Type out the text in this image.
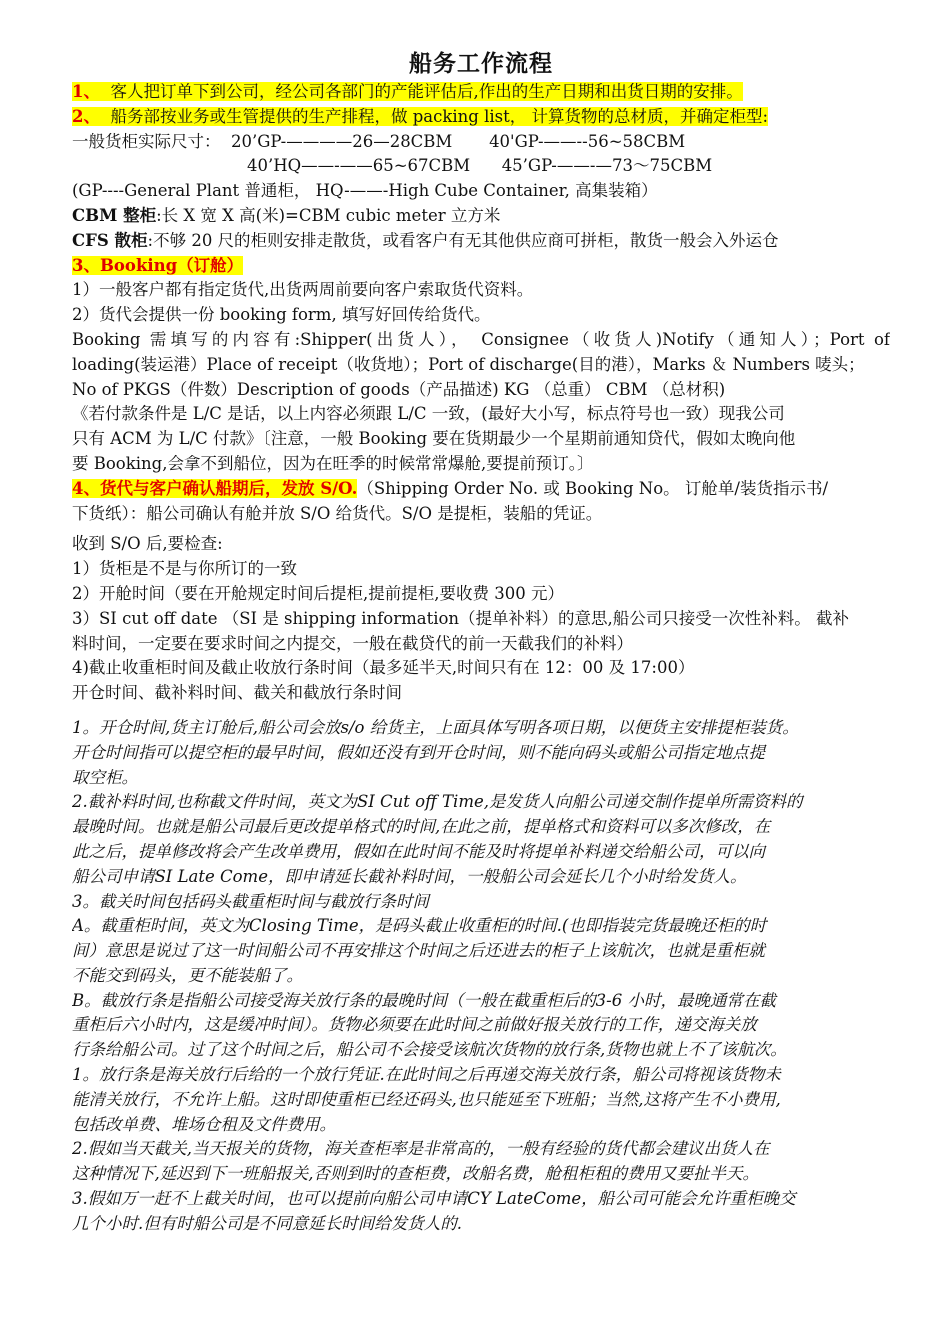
船务工作流程
1、 客人把订单下到公司，经公司各部门的产能评估后,作出的生产日期和出货日期的安排。
2、 船务部按业务或生管提供的生产排程，做 packing list， 计算货物的总材质，并确定柜型:
一般货柜实际尺寸： 20’GP-————26—28CBM 40'GP-——--56~58CBM
40’HQ——-——65~67CBM 45’GP-——-—73～75CBM
(GP----General Plant 普通柜， HQ-——-High Cube Container, 高集装箱）
CBM 整柜:长 X 宽 X 高(米)=CBM cubic meter 立方米
CFS 散柜:不够 20 尺的柜则安排走散货，或看客户有无其他供应商可拼柜，散货一般会入外运仓
3、Booking（订舱）
1）一般客户都有指定货代,出货两周前要向客户索取货代资料。
2）货代会提供一份 booking form, 填写好回传给货代。
Booking 需填写的内容有:Shipper(出货人）， Consignee（收货人)Notify（通知人）；Port of
loading(装运港）Place of receipt（收货地）；Port of discharge(目的港），Marks ＆ Numbers 唛头；
No of PKGS（件数）Description of goods（产品描述) KG （总重） CBM （总材积)
《若付款条件是 L/C 是话，以上内容必须跟 L/C 一致，(最好大小写，标点符号也一致）现我公司
只有 ACM 为 L/C 付款》〔注意，一般 Booking 要在货期最少一个星期前通知贷代，假如太晚向他
要 Booking,会拿不到船位，因为在旺季的时候常常爆舱,要提前预订。〕
4、货代与客户确认船期后，发放 S/O.（Shipping Order No. 或 Booking No。 订舱单/装货指示书/
下货纸）：船公司确认有舱并放 S/O 给货代。S/O 是提柜，装船的凭证。
收到 S/O 后,要检查:
1）货柜是不是与你所订的一致
2）开舱时间（要在开舱规定时间后提柜,提前提柜,要收费 300 元）
3）SI cut off date （SI 是 shipping information（提单补料）的意思,船公司只接受一次性补料。 截补
料时间，一定要在要求时间之内提交，一般在截贷代的前一天截我们的补料）
4)截止收重柜时间及截止收放行条时间（最多延半天,时间只有在 12：00 及 17:00）
开仓时间、截补料时间、截关和截放行条时间
1。开仓时间,货主订舱后,船公司会放s/o 给货主，上面具体写明各项日期，以便货主安排提柜装货。
开仓时间指可以提空柜的最早时间，假如还没有到开仓时间，则不能向码头或船公司指定地点提
取空柜。
2.截补料时间,也称截文件时间，英文为SI Cut off Time,是发货人向船公司递交制作提单所需资料的
最晚时间。也就是船公司最后更改提单格式的时间,在此之前，提单格式和资料可以多次修改，在
此之后，提单修改将会产生改单费用，假如在此时间不能及时将提单补料递交给船公司，可以向
船公司申请SI Late Come，即申请延长截补料时间，一般船公司会延长几个小时给发货人。
3。截关时间包括码头截重柜时间与截放行条时间
A。截重柜时间，英文为Closing Time，是码头截止收重柜的时间.(也即指装完货最晚还柜的时
间）意思是说过了这一时间船公司不再安排这个时间之后还进去的柜子上该航次，也就是重柜就
不能交到码头，更不能装船了。
B。截放行条是指船公司接受海关放行条的最晚时间（一般在截重柜后的3-6 小时，最晚通常在截
重柜后六小时内，这是缓冲时间）。货物必须要在此时间之前做好报关放行的工作，递交海关放
行条给船公司。过了这个时间之后，船公司不会接受该航次货物的放行条,货物也就上不了该航次。
1。放行条是海关放行后给的一个放行凭证.在此时间之后再递交海关放行条，船公司将视该货物未
能清关放行，不允许上船。这时即使重柜已经还码头,也只能延至下班船；当然,这将产生不小费用,
包括改单费、堆场仓租及文件费用。
2.假如当天截关,当天报关的货物，海关查柜率是非常高的，一般有经验的货代都会建议出货人在
这种情况下,延迟到下一班船报关,否则到时的查柜费，改船名费，舱租柜租的费用又要扯半天。
3.假如万一赶不上截关时间，也可以提前向船公司申请CY LateCome，船公司可能会允许重柜晚交
几个小时.但有时船公司是不同意延长时间给发货人的.
